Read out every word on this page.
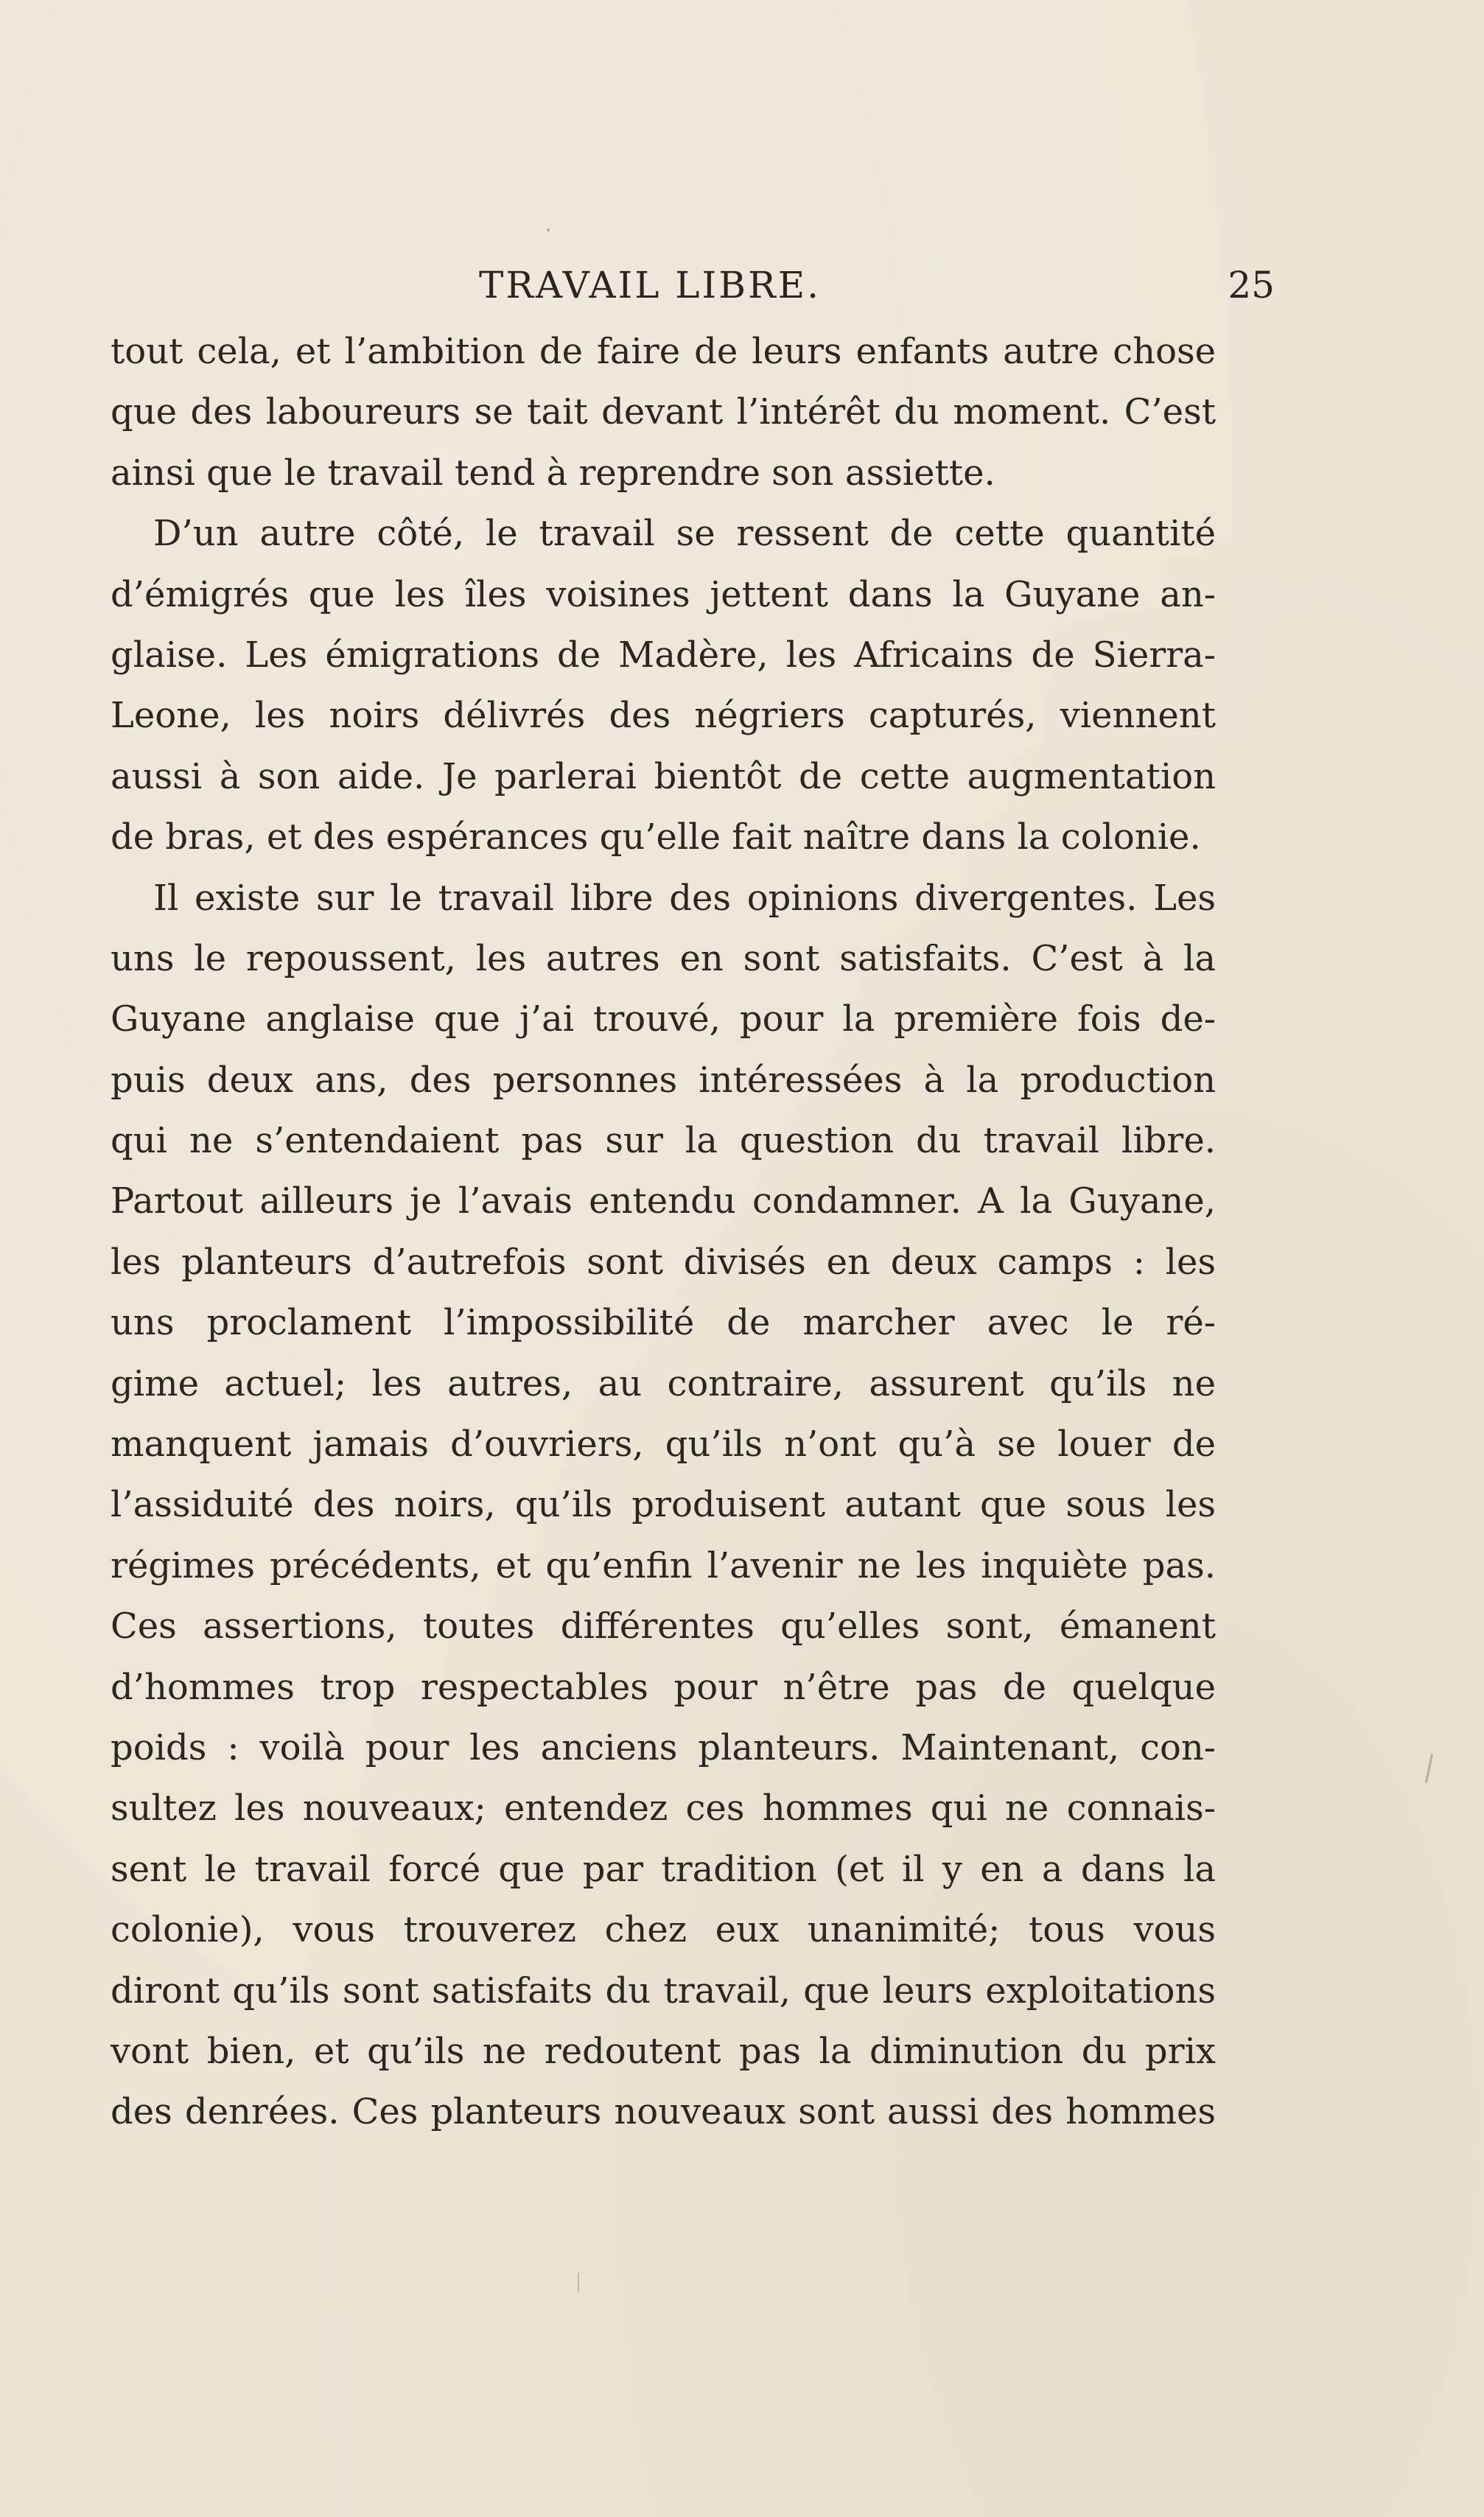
TRAVAIL LIBRE.	25
tout cela, et l’ambition de faire de leurs enfants autre chose
que des laboureurs se tait devant l’intérêt du moment. C’est
ainsi que le travail tend à reprendre son assiette.
D’un autre côté, le travail se ressent de cette quantité
d’émigrés que les îles voisines jettent dans la Guyane an-
glaise. Les émigrations de Madère, les Africains de Sierra-
Leone, les noirs délivrés des négriers capturés, viennent
aussi à son aide. Je parlerai bientôt de cette augmentation
de bras, et des espérances qu’elle fait naître dans la colonie.
Il existe sur le travail libre des opinions divergentes. Les
uns le repoussent, les autres en sont satisfaits. C’est à la
Guyane anglaise que j’ai trouvé, pour la première fois de-
puis deux ans, des personnes intéressées à la production
qui ne s’entendaient pas sur la question du travail libre.
Partout ailleurs je l’avais entendu condamner. A la Guyane,
les planteurs d’autrefois sont divisés en deux camps : les
uns proclament l’impossibilité de marcher avec le ré-
gime actuel; les autres, au contraire, assurent qu’ils ne
manquent jamais d’ouvriers, qu’ils n’ont qu’à se louer de
l’assiduité des noirs, qu’ils produisent autant que sous les
régimes précédents, et qu’enfin l’avenir ne les inquiète pas.
Ces assertions, toutes différentes qu’elles sont, émanent
d’hommes trop respectables pour n’être pas de quelque
poids : voilà pour les anciens planteurs. Maintenant, con-
sultez les nouveaux; entendez ces hommes qui ne connais-
sent le travail forcé que par tradition (et il y en a dans la
colonie), vous trouverez chez eux unanimité; tous vous
diront qu’ils sont satisfaits du travail, que leurs exploitations
vont bien, et qu’ils ne redoutent pas la diminution du prix
des denrées. Ces planteurs nouveaux sont aussi des hommes
